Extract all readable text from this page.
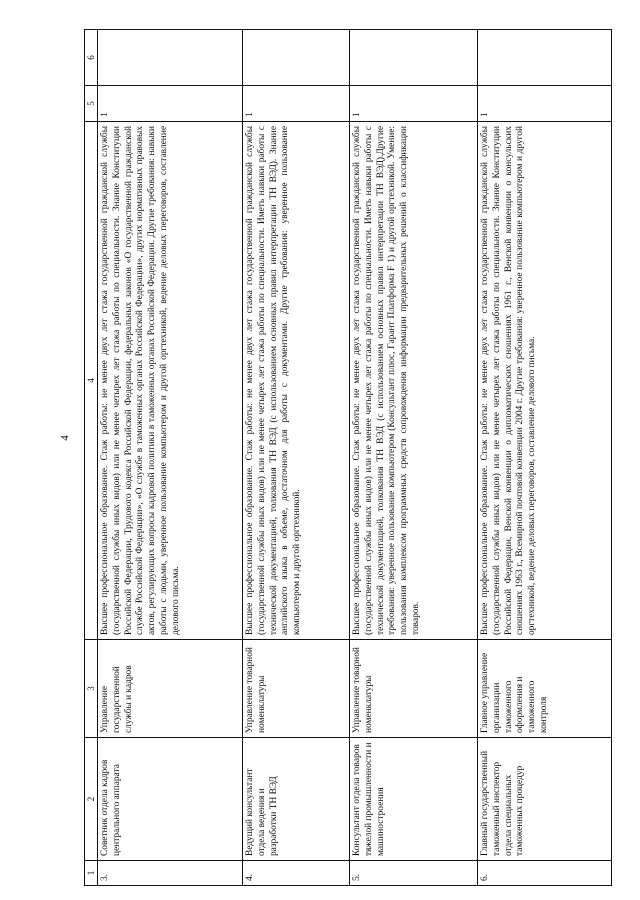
4
1	2	3	4	5	6
3.	Советник отдела кадров центрального аппарата	Управление государственной службы и кадров	Высшее профессиональное образование. Стаж работы: не менее двух лет стажа государственной гражданской службы (государственной службы иных видов) или не менее четырех лет стажа работы по специальности. Знание Конституции Российской Федерации, Трудового кодекса Российской Федерации, федеральных законов «О государственной гражданской службе Российской Федерации», «О службе в таможенных органах Российской Федерации», других нормативных правовых актов, регулирующих вопросы кадровой политики в таможенных органах Российской Федерации. Другие требования: навыки работы с людьми, уверенное пользование компьютером и другой оргтехникой, ведение деловых переговоров, составление делового письма.	1	
4.	Ведущий консультант отдела ведения и разработки ТН ВЭД	Управление товарной номенклатуры	Высшее профессиональное образование. Стаж работы: не менее двух лет стажа государственной гражданской службы (государственной службы иных видов) или не менее четырех лет стажа работы по специальности. Иметь навыки работы с технической документацией, толкования ТН ВЭД (с использованием основных правил интерпретации ТН ВЭД). Знание английского языка в объеме, достаточном для работы с документами. Другие требования: уверенное пользование компьютером и другой оргтехникой.	1	
5.	Консультант отдела товаров тяжелой промышленности и машиностроения	Управление товарной номенклатуры	Высшее профессиональное образование. Стаж работы: не менее двух лет стажа государственной гражданской службы (государственной службы иных видов) или не менее четырех лет стажа работы по специальности. Иметь навыки работы с технической документацией, толкования ТН ВЭД (с использованием основных правил интерпретации ТН ВЭД).Другие требования: уверенное пользование компьютером (Консультант плюс, Гарант Платформа F 1) и другой оргтехникой. Умение: пользования комплексом программных средств сопровождения информации предварительных решений о классификации товаров.	1	
6.	Главный государственный таможенный инспектор отдела специальных таможенных процедур	Главное управление организации таможенного оформления и таможенного контроля	Высшее профессиональное образование. Стаж работы: не менее двух лет стажа государственной гражданской службы (государственной службы иных видов) или не менее четырех лет стажа работы по специальности. Знание Конституции Российской Федерации, Венской конвенции о дипломатических сношениях 1961 г., Венской конвенции о консульских сношениях 1963 г., Всемирной почтовой конвенции 2004 г. Другие требования: уверенное пользование компьютером и другой оргтехникой, ведение деловых переговоров, составление делового письма.	1	
